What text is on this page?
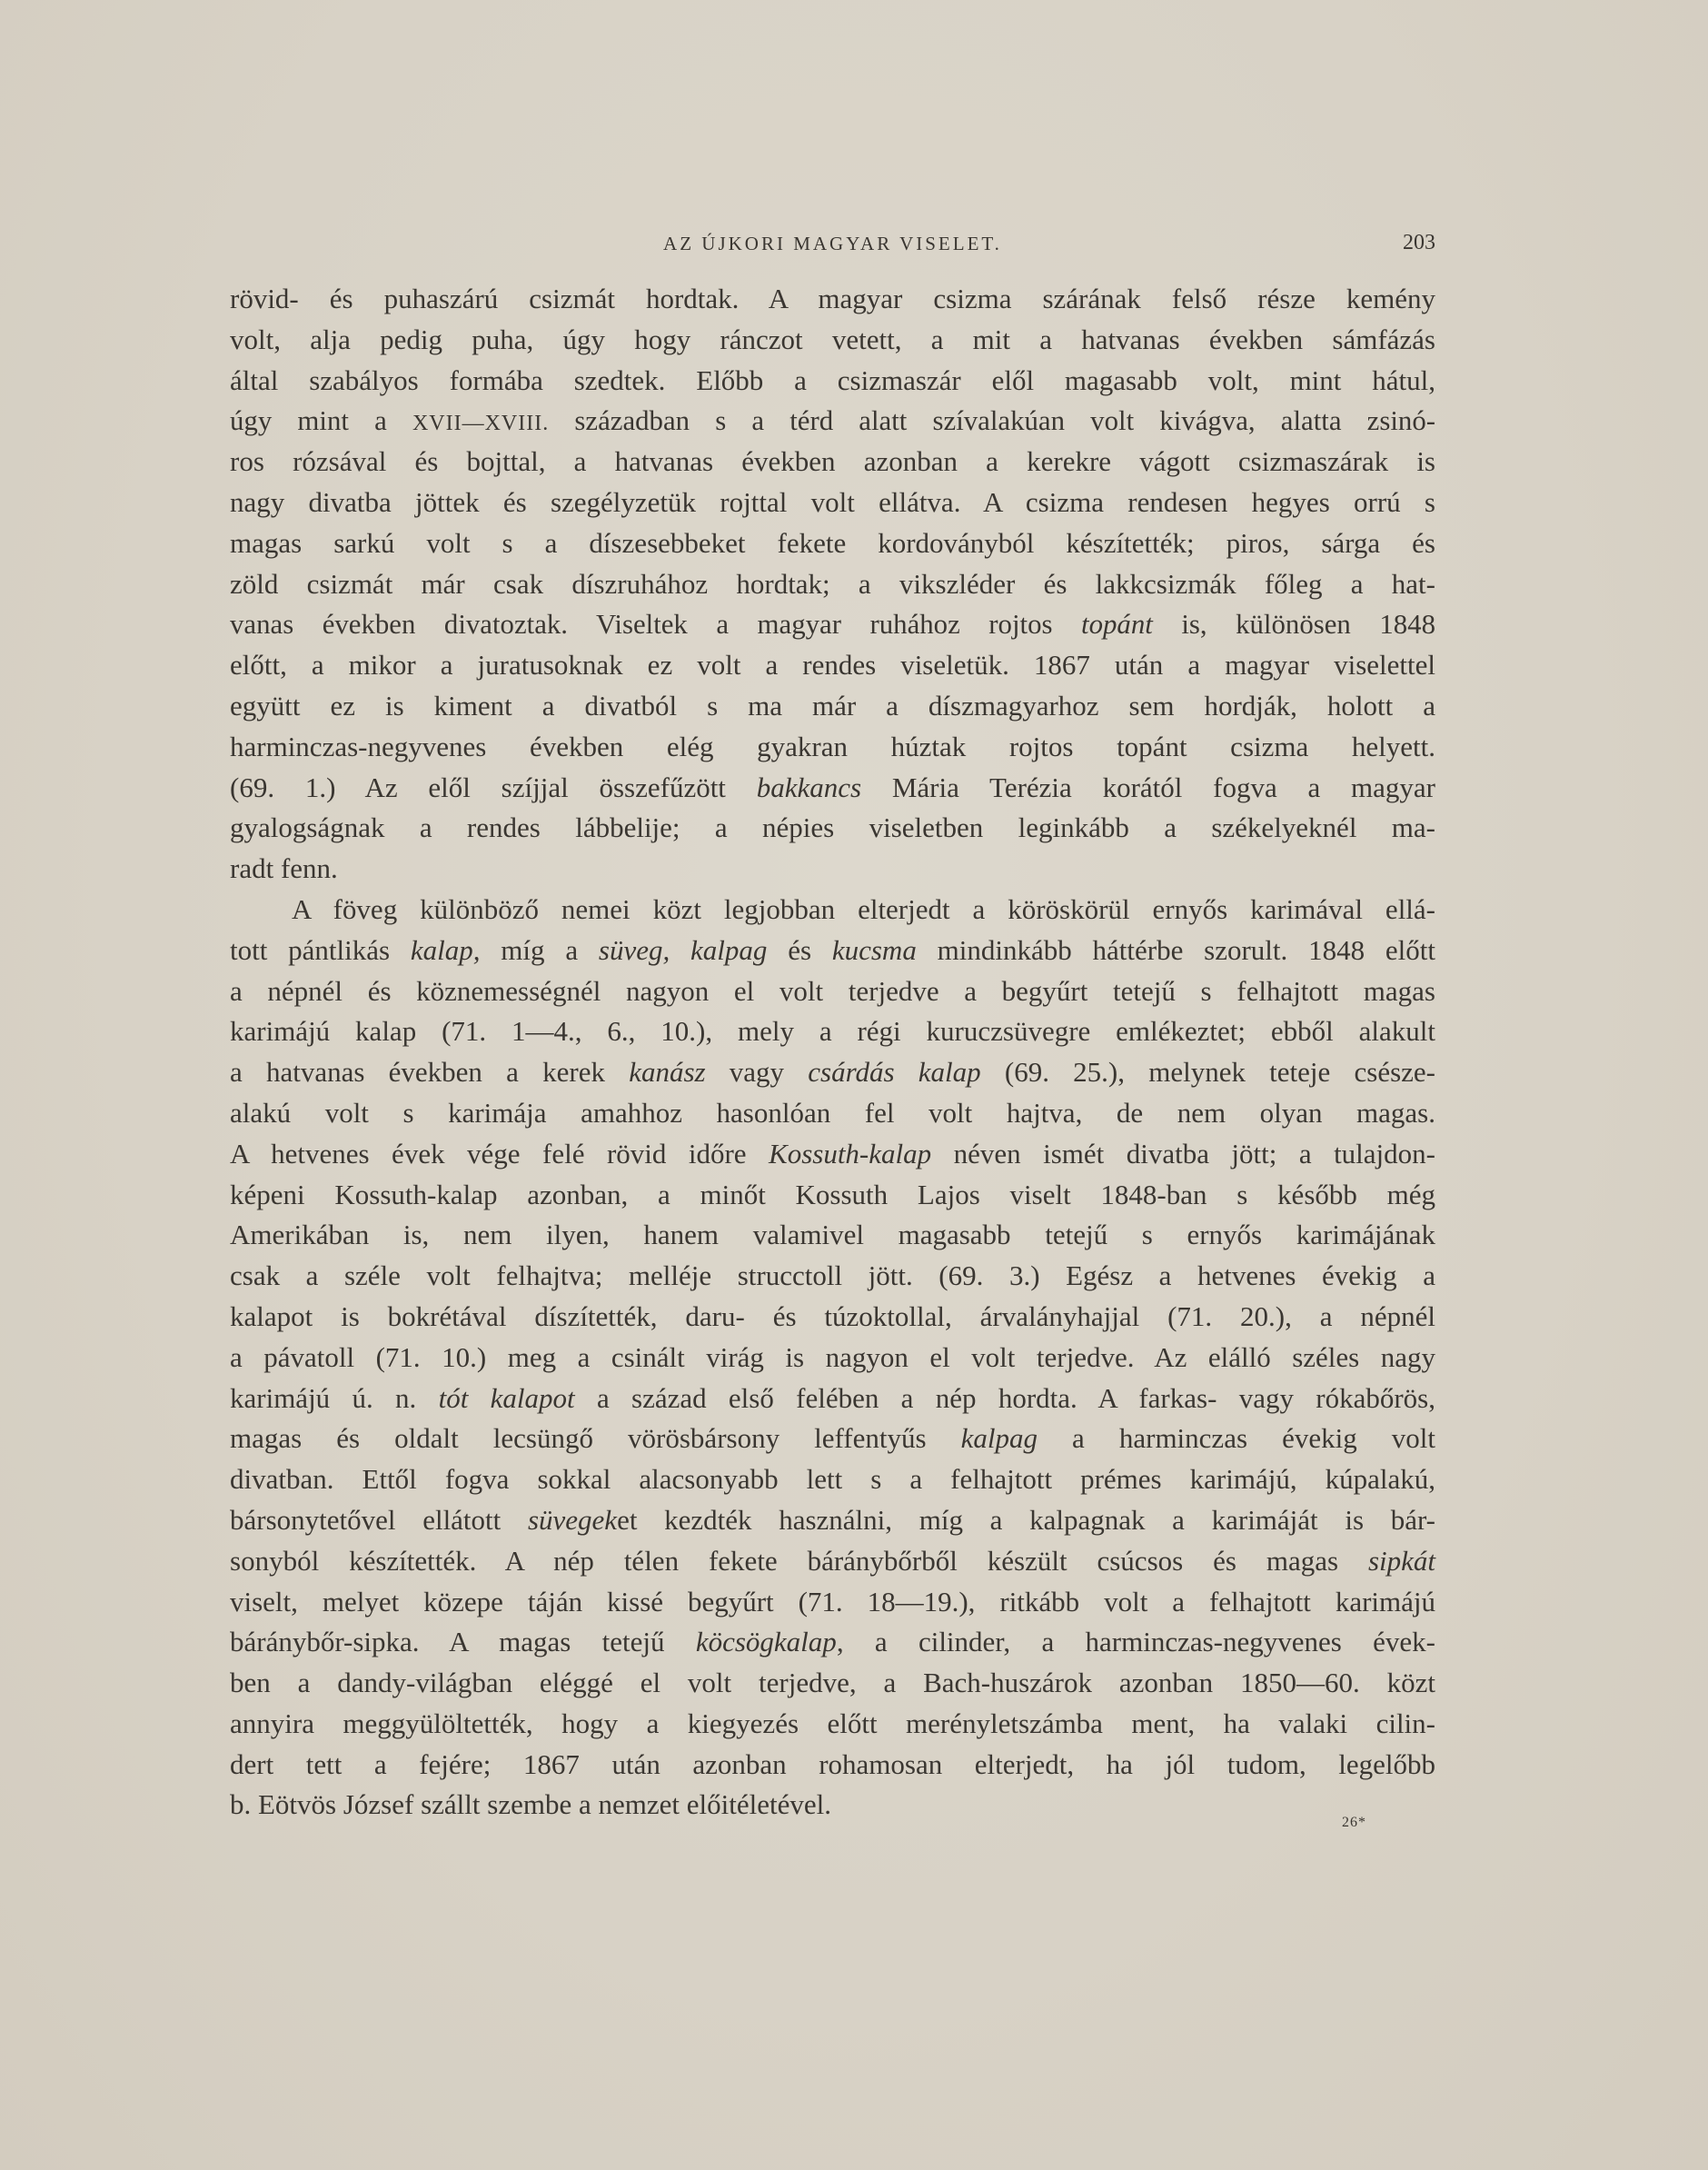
AZ ÚJKORI MAGYAR VISELET.	203
rövid- és puhaszárú csizmát hordtak. A magyar csizma szárának felső része kemény
volt, alja pedig puha, úgy hogy ránczot vetett, a mit a hatvanas években sámfázás
által szabályos formába szedtek. Előbb a csizmaszár elől magasabb volt, mint hátul,
úgy mint a XVII—XVIII. században s a térd alatt szívalakúan volt kivágva, alatta zsinó-
ros rózsával és bojttal, a hatvanas években azonban a kerekre vágott csizmaszárak is
nagy divatba jöttek és szegélyzetük rojttal volt ellátva. A csizma rendesen hegyes orrú s
magas sarkú volt s a díszesebbeket fekete kordoványból készítették; piros, sárga és
zöld csizmát már csak díszruhához hordtak; a vikszléder és lakkcsizmák főleg a hat-
vanas években divatoztak. Viseltek a magyar ruhához rojtos topánt is, különösen 1848
előtt, a mikor a juratusoknak ez volt a rendes viseletük. 1867 után a magyar viselettel
együtt ez is kiment a divatból s ma már a díszmagyarhoz sem hordják, holott a
harminczas-negyvenes években elég gyakran húztak rojtos topánt csizma helyett.
(69. 1.) Az elől szíjjal összefűzött bakkancs Mária Terézia korától fogva a magyar
gyalogságnak a rendes lábbelije; a népies viseletben leginkább a székelyeknél ma-
radt fenn.
A föveg különböző nemei közt legjobban elterjedt a köröskörül ernyős karimával ellá-
tott pántlikás kalap, míg a süveg, kalpag és kucsma mindinkább háttérbe szorult. 1848 előtt
a népnél és köznemességnél nagyon el volt terjedve a begyűrt tetejű s felhajtott magas
karimájú kalap (71. 1—4., 6., 10.), mely a régi kuruczsüvegre emlékeztet; ebből alakult
a hatvanas években a kerek kanász vagy csárdás kalap (69. 25.), melynek teteje csésze-
alakú volt s karimája amahhoz hasonlóan fel volt hajtva, de nem olyan magas.
A hetvenes évek vége felé rövid időre Kossuth-kalap néven ismét divatba jött; a tulajdon-
képeni Kossuth-kalap azonban, a minőt Kossuth Lajos viselt 1848-ban s később még
Amerikában is, nem ilyen, hanem valamivel magasabb tetejű s ernyős karimájának
csak a széle volt felhajtva; melléje strucctoll jött. (69. 3.) Egész a hetvenes évekig a
kalapot is bokrétával díszítették, daru- és túzoktollal, árvalányhajjal (71. 20.), a népnél
a pávatoll (71. 10.) meg a csinált virág is nagyon el volt terjedve. Az elálló széles nagy
karimájú ú. n. tót kalapot a század első felében a nép hordta. A farkas- vagy rókabőrös,
magas és oldalt lecsüngő vörösbársony leffentyűs kalpag a harminczas évekig volt
divatban. Ettől fogva sokkal alacsonyabb lett s a felhajtott prémes karimájú, kúpalakú,
bársonytetővel ellátott süvegeket kezdték használni, míg a kalpagnak a karimáját is bár-
sonyból készítették. A nép télen fekete báránybőrből készült csúcsos és magas sipkát
viselt, melyet közepe táján kissé begyűrt (71. 18—19.), ritkább volt a felhajtott karimájú
báránybőr-sipka. A magas tetejű köcsögkalap, a cilinder, a harminczas-negyvenes évek-
ben a dandy-világban eléggé el volt terjedve, a Bach-huszárok azonban 1850—60. közt
annyira meggyülöltették, hogy a kiegyezés előtt merényletszámba ment, ha valaki cilin-
dert tett a fejére; 1867 után azonban rohamosan elterjedt, ha jól tudom, legelőbb
b. Eötvös József szállt szembe a nemzet előitéletével.
26*
